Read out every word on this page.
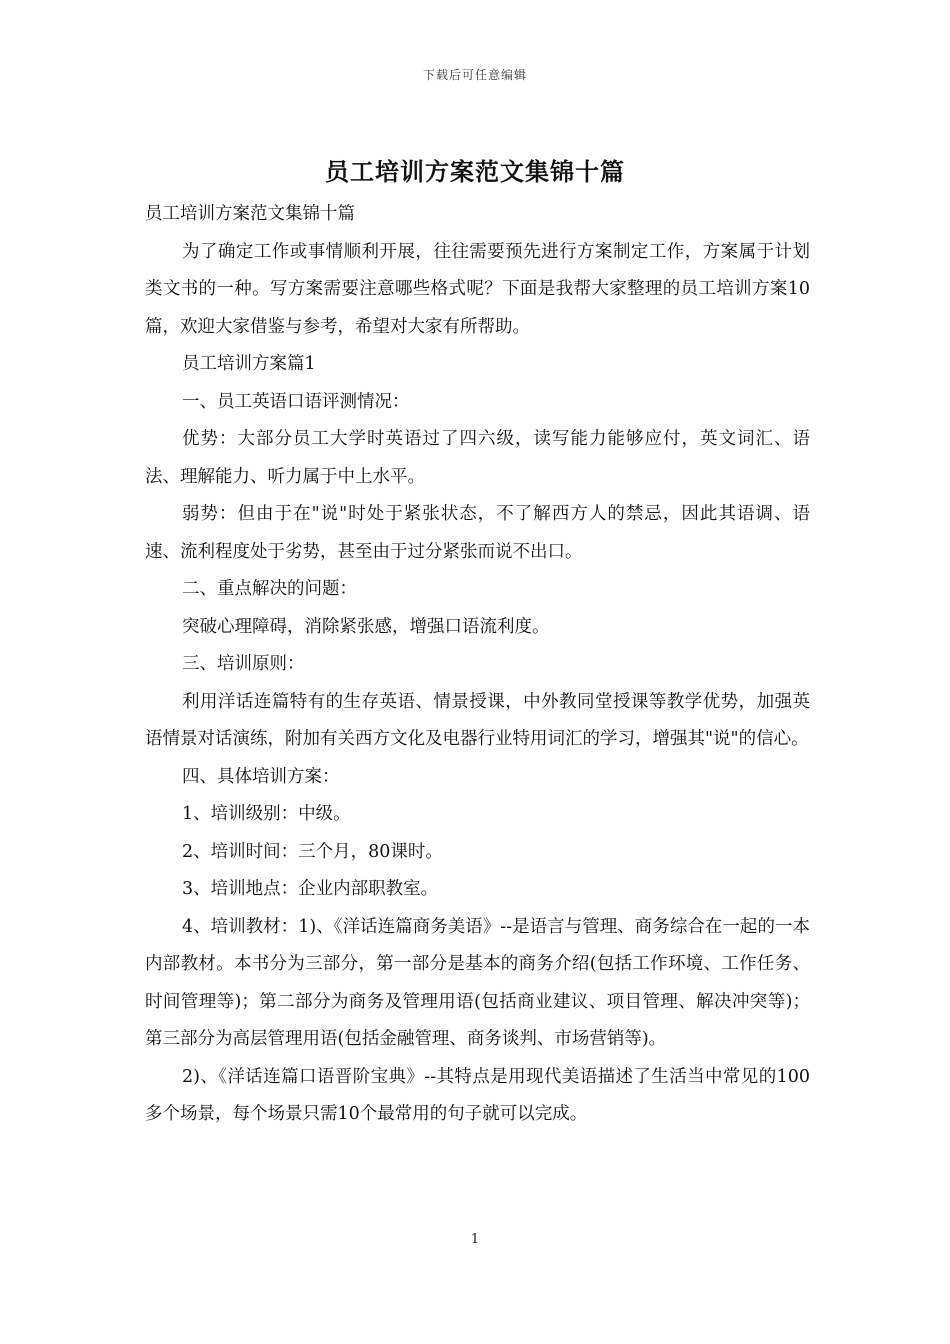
下载后可任意编辑
员工培训方案范文集锦十篇

员工培训方案范文集锦十篇

为了确定工作或事情顺利开展，往往需要预先进行方案制定工作，方案属于计划类文书的一种。写方案需要注意哪些格式呢？下面是我帮大家整理的员工培训方案10篇，欢迎大家借鉴与参考，希望对大家有所帮助。

员工培训方案篇1

一、员工英语口语评测情况：

优势：大部分员工大学时英语过了四六级，读写能力能够应付，英文词汇、语法、理解能力、听力属于中上水平。

弱势：但由于在"说"时处于紧张状态，不了解西方人的禁忌，因此其语调、语速、流利程度处于劣势，甚至由于过分紧张而说不出口。

二、重点解决的问题：

突破心理障碍，消除紧张感，增强口语流利度。

三、培训原则：

利用洋话连篇特有的生存英语、情景授课，中外教同堂授课等教学优势，加强英语情景对话演练，附加有关西方文化及电器行业特用词汇的学习，增强其"说"的信心。

四、具体培训方案：

1、培训级别：中级。

2、培训时间：三个月，80课时。

3、培训地点：企业内部职教室。

4、培训教材：1)、《洋话连篇商务美语》--是语言与管理、商务综合在一起的一本内部教材。本书分为三部分，第一部分是基本的商务介绍(包括工作环境、工作任务、时间管理等)；第二部分为商务及管理用语(包括商业建议、项目管理、解决冲突等)；第三部分为高层管理用语(包括金融管理、商务谈判、市场营销等)。

2)、《洋话连篇口语晋阶宝典》--其特点是用现代美语描述了生活当中常见的100多个场景，每个场景只需10个最常用的句子就可以完成。

1
